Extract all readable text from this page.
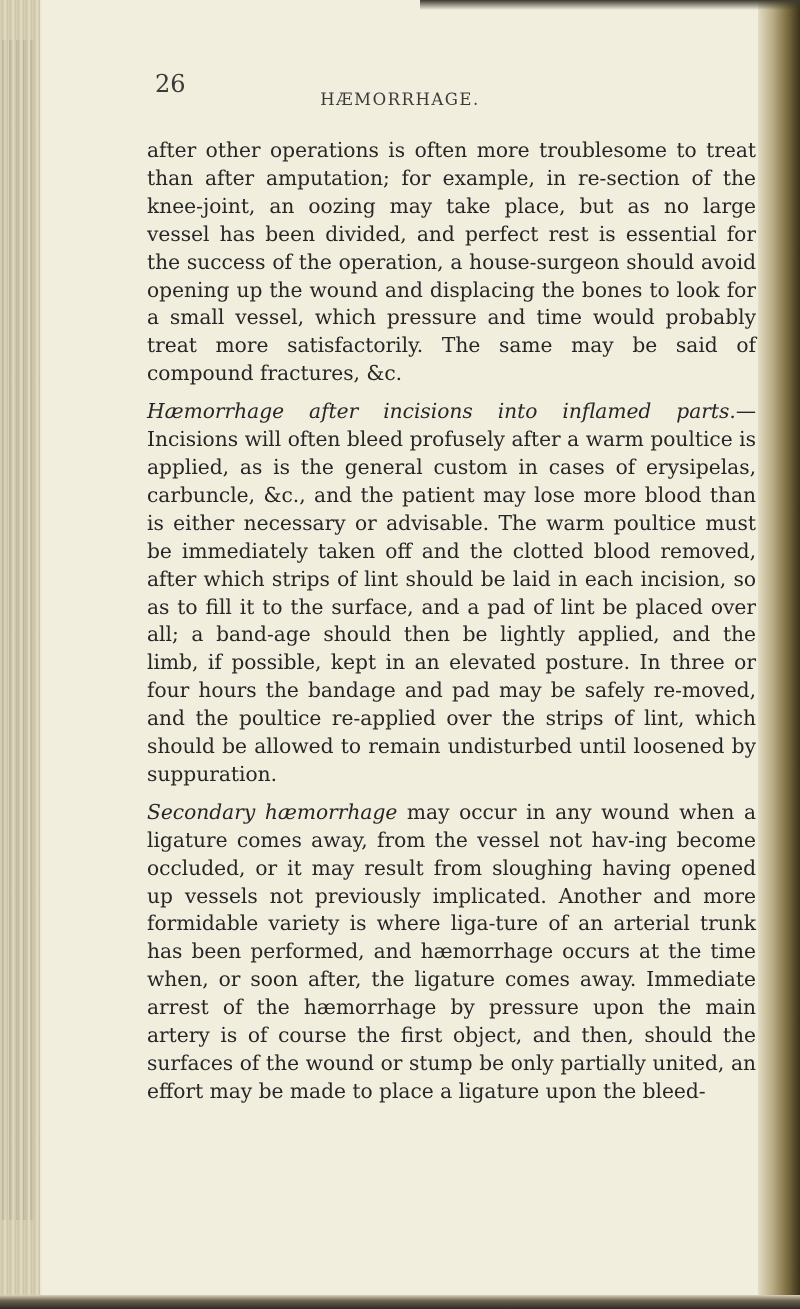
26

HÆMORRHAGE.

after other operations is often more troublesome to treat than after amputation; for example, in re-section of the knee-joint, an oozing may take place, but as no large vessel has been divided, and perfect rest is essential for the success of the operation, a house-surgeon should avoid opening up the wound and displacing the bones to look for a small vessel, which pressure and time would probably treat more satisfactorily. The same may be said of compound fractures, &c.

Hæmorrhage after incisions into inflamed parts.— Incisions will often bleed profusely after a warm poultice is applied, as is the general custom in cases of erysipelas, carbuncle, &c., and the patient may lose more blood than is either necessary or advisable. The warm poultice must be immediately taken off and the clotted blood removed, after which strips of lint should be laid in each incision, so as to fill it to the surface, and a pad of lint be placed over all; a band-age should then be lightly applied, and the limb, if possible, kept in an elevated posture. In three or four hours the bandage and pad may be safely re-moved, and the poultice re-applied over the strips of lint, which should be allowed to remain undisturbed until loosened by suppuration.

Secondary hæmorrhage may occur in any wound when a ligature comes away, from the vessel not hav-ing become occluded, or it may result from sloughing having opened up vessels not previously implicated. Another and more formidable variety is where liga-ture of an arterial trunk has been performed, and hæmorrhage occurs at the time when, or soon after, the ligature comes away. Immediate arrest of the hæmorrhage by pressure upon the main artery is of course the first object, and then, should the surfaces of the wound or stump be only partially united, an effort may be made to place a ligature upon the bleed-
